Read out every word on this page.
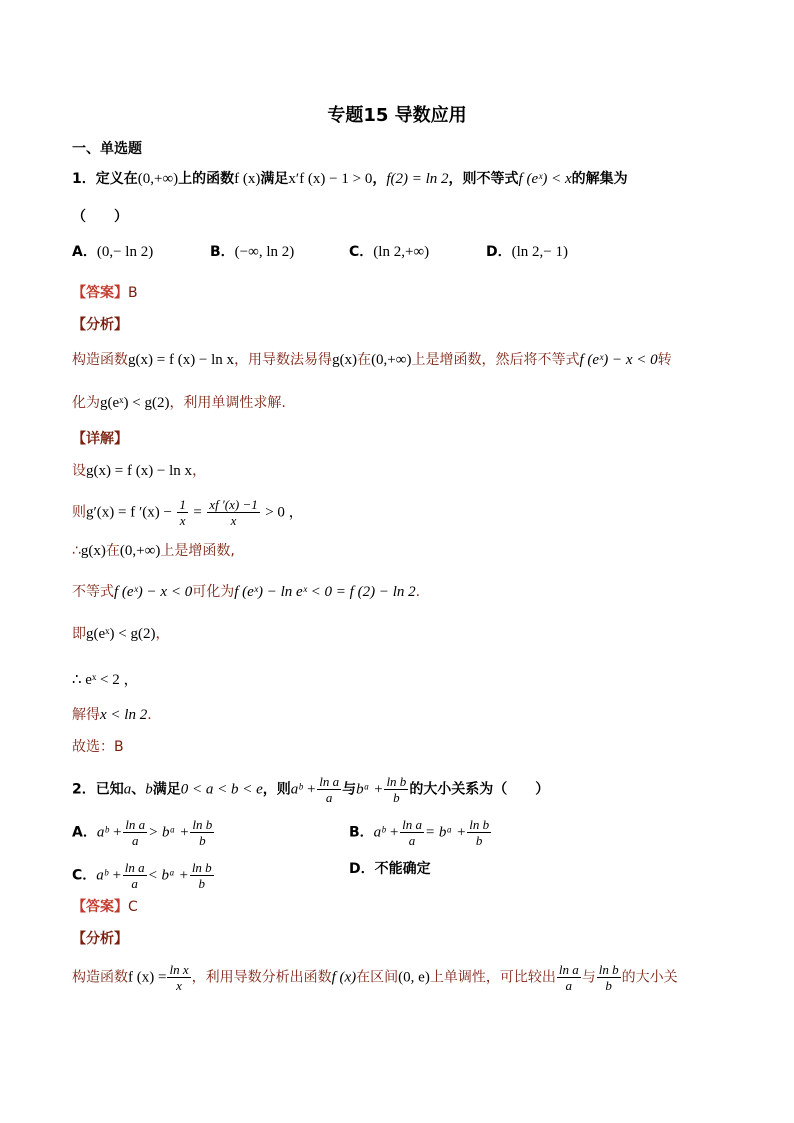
专题15 导数应用
一、单选题
1．定义在(0,+∞)上的函数f (x)满足x′f (x) − 1 > 0，f(2) = ln 2，则不等式f (eˣ) < x的解集为
（　　）
A．(0,− ln 2)	B．(−∞, ln 2)	C．(ln 2,+∞)	D．(ln 2,− 1)
【答案】B
【分析】
构造函数g(x) = f (x) − ln x，用导数法易得g(x)在(0,+∞)上是增函数，然后将不等式f (eˣ) − x < 0转
化为g(eˣ) < g(2)，利用单调性求解.
【详解】
设g(x) = f (x) − ln x，
则g′(x) = f $'(x) - \frac{1}{x} = \frac{xf '(x) -1}{x} > 0$ ，
∴g(x)在(0,+∞)上是增函数,
不等式f (eˣ) − x < 0可化为f (eˣ) − ln eˣ < 0 = f (2) − ln 2.
即g(eˣ) < g(2)，
∴ eˣ < 2 ，
解得x < ln 2.
故选：B
2．已知a、b满足0 < a < b < e，则aᵇ + $\frac{\text{ln a}}{a}$ 与bᵃ + $\frac{\text{ln b}}{b}$ 的大小关系为（　　）
A．aᵇ + $\frac{\text{ln a}}{a}$ > bᵃ + $\frac{\text{ln b}}{b}$	B．aᵇ + $\frac{\text{ln a}}{a}$ = bᵃ + $\frac{\text{ln b}}{b}$
C．aᵇ + $\frac{\text{ln a}}{a}$ < bᵃ + $\frac{\text{ln b}}{b}$	D．不能确定
【答案】C
【分析】
构造函数f $(x) = \frac{\text{ln x}}{x}$ ，利用导数分析出函数f (x)在区间(0, e)上单调性，可比较出 $\frac{\text{ln a}}{a}$ 与 $\frac{\text{ln b}}{b}$ 的大小关
